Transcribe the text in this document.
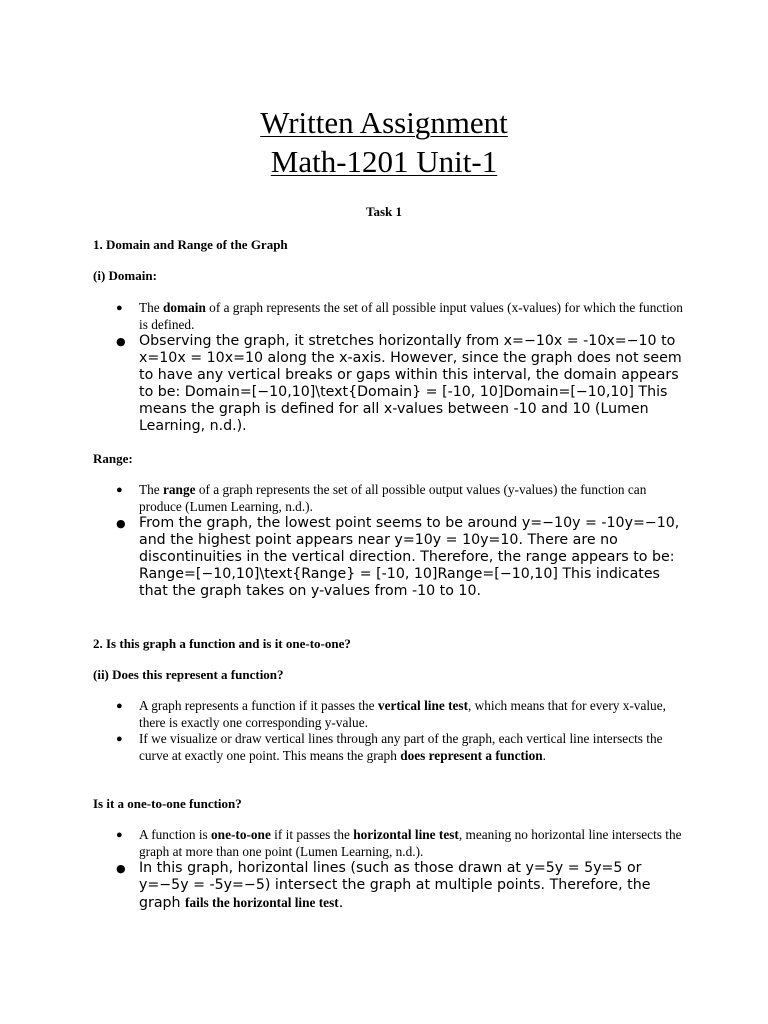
Written Assignment
Math-1201 Unit-1
Task 1
1. Domain and Range of the Graph
(i) Domain:
● The domain of a graph represents the set of all possible input values (x-values) for which the function is defined.
● Observing the graph, it stretches horizontally from x=−10x = -10x=−10 to x=10x = 10x=10 along the x-axis. However, since the graph does not seem to have any vertical breaks or gaps within this interval, the domain appears to be: Domain=[−10,10]\text{Domain} = [-10, 10]Domain=[−10,10] This means the graph is defined for all x-values between -10 and 10 (Lumen Learning, n.d.).
Range:
● The range of a graph represents the set of all possible output values (y-values) the function can produce (Lumen Learning, n.d.).
● From the graph, the lowest point seems to be around y=−10y = -10y=−10, and the highest point appears near y=10y = 10y=10. There are no discontinuities in the vertical direction. Therefore, the range appears to be: Range=[−10,10]\text{Range} = [-10, 10]Range=[−10,10] This indicates that the graph takes on y-values from -10 to 10.
2. Is this graph a function and is it one-to-one?
(ii) Does this represent a function?
● A graph represents a function if it passes the vertical line test, which means that for every x-value, there is exactly one corresponding y-value.
● If we visualize or draw vertical lines through any part of the graph, each vertical line intersects the curve at exactly one point. This means the graph does represent a function.
Is it a one-to-one function?
● A function is one-to-one if it passes the horizontal line test, meaning no horizontal line intersects the graph at more than one point (Lumen Learning, n.d.).
● In this graph, horizontal lines (such as those drawn at y=5y = 5y=5 or y=−5y = -5y=−5) intersect the graph at multiple points. Therefore, the graph fails the horizontal line test.
